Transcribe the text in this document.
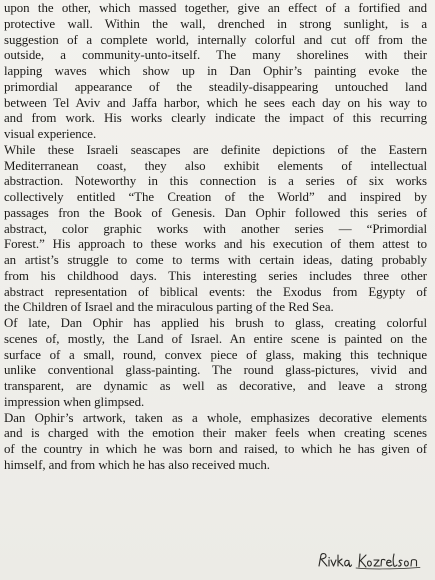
upon the other, which massed together, give an effect of a fortified and
protective wall. Within the wall, drenched in strong sunlight, is a
suggestion of a complete world, internally colorful and cut off from the
outside, a community-unto-itself. The many shorelines with their
lapping waves which show up in Dan Ophir’s painting evoke the
primordial appearance of the steadily-disappearing untouched land
between Tel Aviv and Jaffa harbor, which he sees each day on his way to
and from work. His works clearly indicate the impact of this recurring
visual experience.

While these Israeli seascapes are definite depictions of the Eastern
Mediterranean coast, they also exhibit elements of intellectual
abstraction. Noteworthy in this connection is a series of six works
collectively entitled “The Creation of the World” and inspired by
passages fron the Book of Genesis. Dan Ophir followed this series of
abstract, color graphic works with another series — “Primordial
Forest.” His approach to these works and his execution of them attest to
an artist’s struggle to come to terms with certain ideas, dating probably
from his childhood days. This interesting series includes three other
abstract representation of biblical events: the Exodus from Egypty of
the Children of Israel and the miraculous parting of the Red Sea.

Of late, Dan Ophir has applied his brush to glass, creating colorful
scenes of, mostly, the Land of Israel. An entire scene is painted on the
surface of a small, round, convex piece of glass, making this technique
unlike conventional glass-painting. The round glass-pictures, vivid and
transparent, are dynamic as well as decorative, and leave a strong
impression when glimpsed.

Dan Ophir’s artwork, taken as a whole, emphasizes decorative elements
and is charged with the emotion their maker feels when creating scenes
of the country in which he was born and raised, to which he has given of
himself, and from which he has also received much.
